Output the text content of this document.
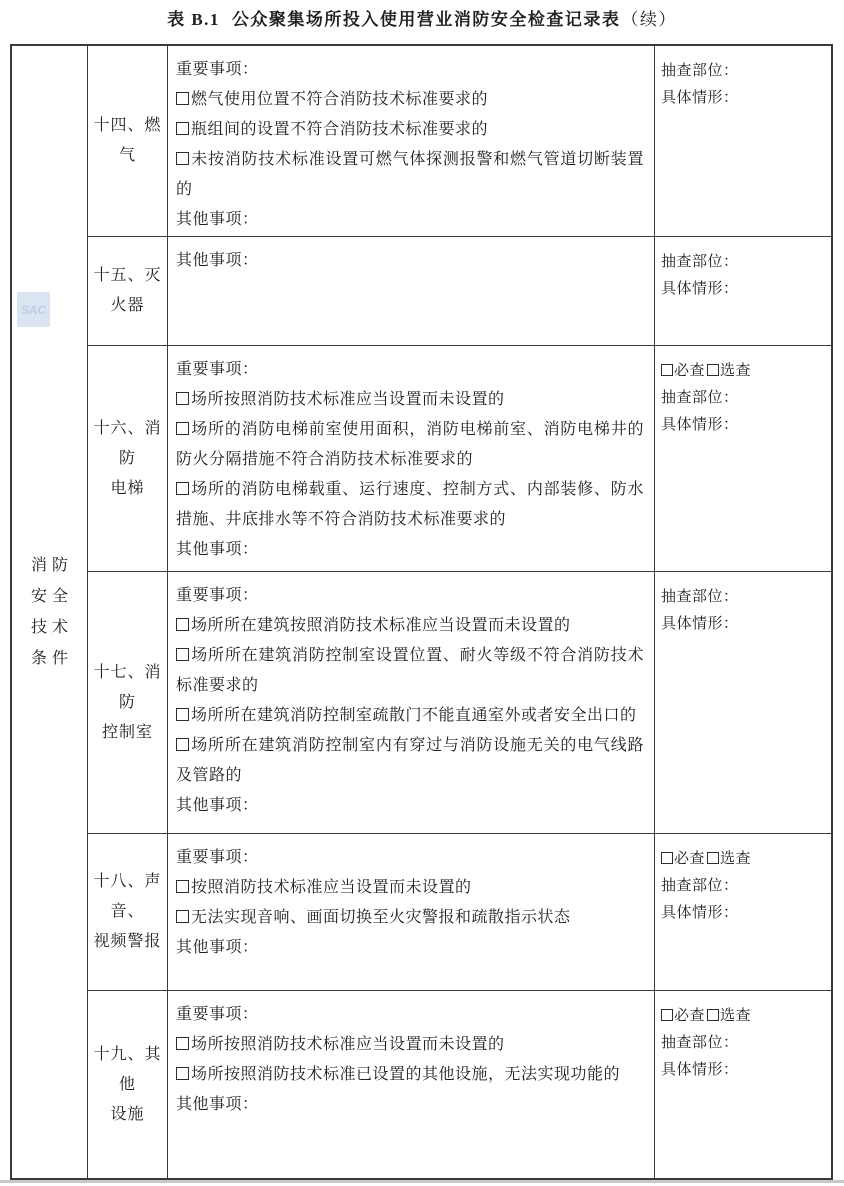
表 B.1 公众聚集场所投入使用营业消防安全检查记录表（续）
SAC
消防
安全
技术
条件
十四、燃气
重要事项：
燃气使用位置不符合消防技术标准要求的
瓶组间的设置不符合消防技术标准要求的
未按消防技术标准设置可燃气体探测报警和燃气管道切断装置的
其他事项：
抽查部位：
具体情形：
十五、灭
火器
其他事项：	抽查部位：
具体情形：
十六、消防
电梯
重要事项：
场所按照消防技术标准应当设置而未设置的
场所的消防电梯前室使用面积，消防电梯前室、消防电梯井的防火分隔措施不符合消防技术标准要求的
场所的消防电梯载重、运行速度、控制方式、内部装修、防水措施、井底排水等不符合消防技术标准要求的
其他事项：
必查 选查
抽查部位：
具体情形：
十七、消防
控制室
重要事项：
场所所在建筑按照消防技术标准应当设置而未设置的
场所所在建筑消防控制室设置位置、耐火等级不符合消防技术标准要求的
场所所在建筑消防控制室疏散门不能直通室外或者安全出口的
场所所在建筑消防控制室内有穿过与消防设施无关的电气线路及管路的
其他事项：
抽查部位：
具体情形：
十八、声音、
视频警报
重要事项：
按照消防技术标准应当设置而未设置的
无法实现音响、画面切换至火灾警报和疏散指示状态
其他事项：
必查 选查
抽查部位：
具体情形：
十九、其他
设施
重要事项：
场所按照消防技术标准应当设置而未设置的
场所按照消防技术标准已设置的其他设施，无法实现功能的
其他事项：
必查 选查
抽查部位：
具体情形：
